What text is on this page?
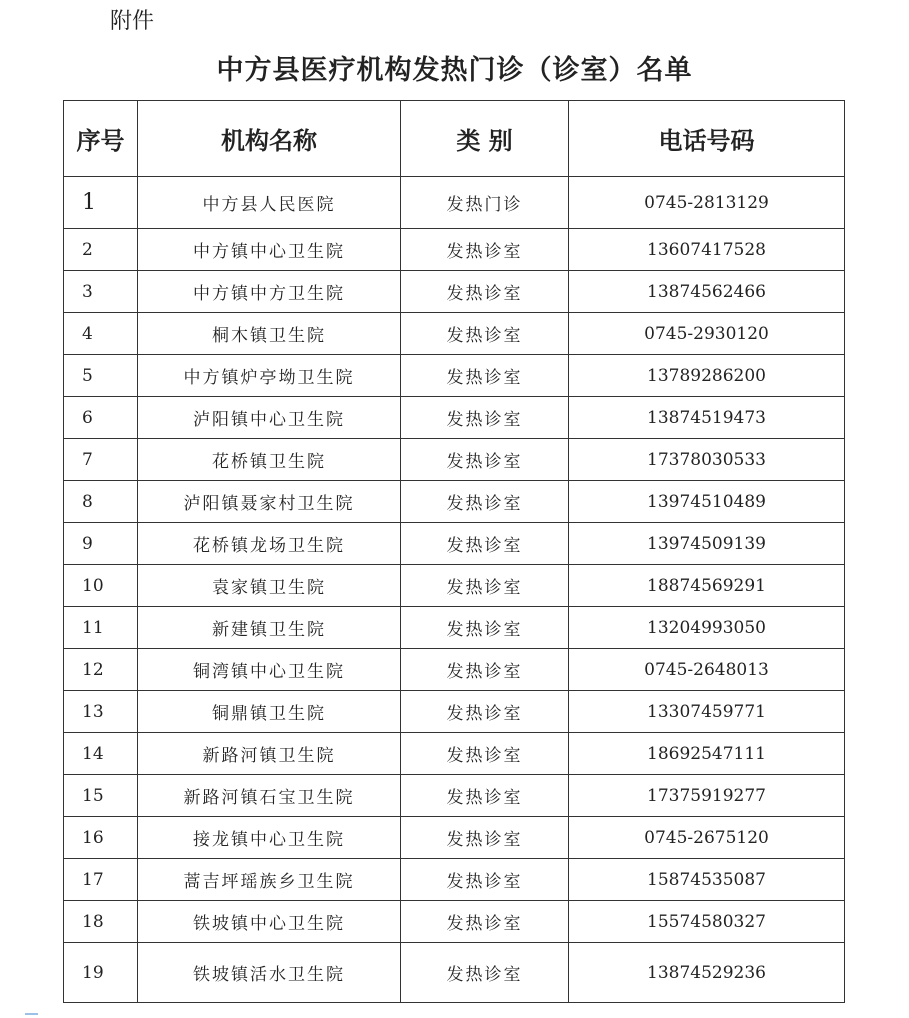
附件
中方县医疗机构发热门诊（诊室）名单
序号	机构名称	类 别	电话号码
1	中方县人民医院	发热门诊	0745-2813129
2	中方镇中心卫生院	发热诊室	13607417528
3	中方镇中方卫生院	发热诊室	13874562466
4	桐木镇卫生院	发热诊室	0745-2930120
5	中方镇炉亭坳卫生院	发热诊室	13789286200
6	泸阳镇中心卫生院	发热诊室	13874519473
7	花桥镇卫生院	发热诊室	17378030533
8	泸阳镇聂家村卫生院	发热诊室	13974510489
9	花桥镇龙场卫生院	发热诊室	13974509139
10	袁家镇卫生院	发热诊室	18874569291
11	新建镇卫生院	发热诊室	13204993050
12	铜湾镇中心卫生院	发热诊室	0745-2648013
13	铜鼎镇卫生院	发热诊室	13307459771
14	新路河镇卫生院	发热诊室	18692547111
15	新路河镇石宝卫生院	发热诊室	17375919277
16	接龙镇中心卫生院	发热诊室	0745-2675120
17	蒿吉坪瑶族乡卫生院	发热诊室	15874535087
18	铁坡镇中心卫生院	发热诊室	15574580327
19	铁坡镇活水卫生院	发热诊室	13874529236
